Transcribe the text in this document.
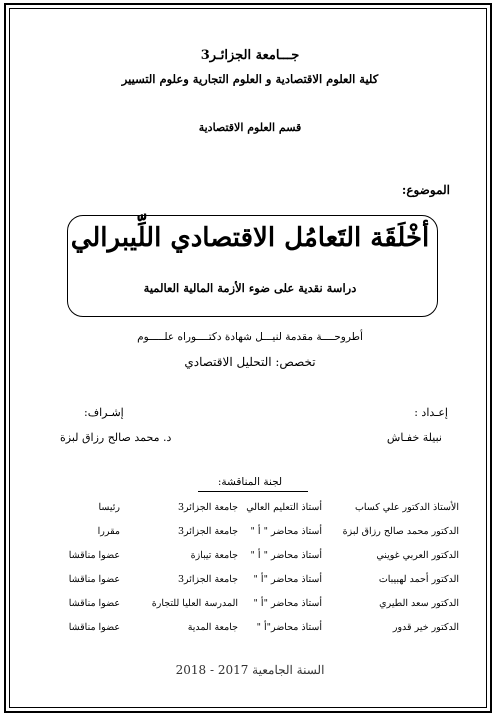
جـــامعة الجزائـر3
كلية العلوم الاقتصادية و العلوم التجارية وعلوم التسيير
قسم العلوم الاقتصادية
الموضوع:
أخْلَقَة التَعامُل الاقتصادي اللِّيبرالي
دراسة نقدية على ضوء الأزمة المالية العالمية
أطروحــــة مقدمة لنيـــل شهادة دكتــــوراه علـــــوم
تخصص: التحليل الاقتصادي
إعـداد :
نبيلة خفـاش
إشـراف:
د. محمد صالح رزاق لبزة
لجنة المناقشة:
الأستاذ الدكتور علي كساب
أستاذ التعليم العالي
جامعة الجزائر3
رئيسا
الدكتور محمد صالح رزاق لبزة
أستاذ محاضر " أ "
جامعة الجزائر3
مقررا
الدكتور العربي غويني
أستاذ محاضر " أ "
جامعة تيبازة
عضوا مناقشا
الدكتور أحمد لهبيبات
أستاذ محاضر "أ "
جامعة الجزائر3
عضوا مناقشا
الدكتور سعد الطيري
أستاذ محاضر "أ "
المدرسة العليا للتجارة
عضوا مناقشا
الدكتور خير قدور
أستاذ محاضر"أ "
جامعة المدية
عضوا مناقشا
السنة الجامعية 2017 - 2018
